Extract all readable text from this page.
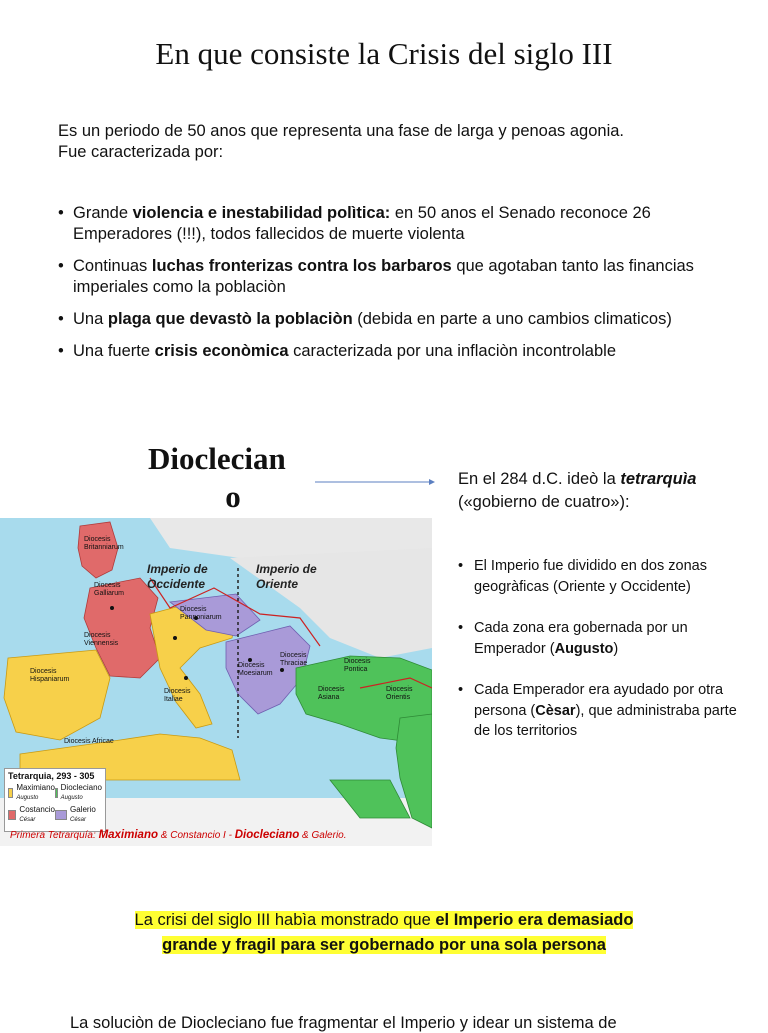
En que consiste la Crisis del siglo III
Es un periodo de 50 anos que representa una fase de larga y penoas agonia.
Fue caracterizada por:
• Grande violencia e inestabilidad polìtica: en 50 anos el Senado reconoce 26 Emperadores (!!!), todos fallecidos de muerte violenta
• Continuas luchas fronterizas contra los barbaros que agotaban tanto las financias imperiales como la poblaciòn
• Una plaga que devastò la poblaciòn (debida en parte a uno cambios climaticos)
• Una fuerte crisis econòmica caracterizada por una inflaciòn incontrolable
Dioclecian
o	En el 284 d.C. ideò la tetrarquìa
(«gobierno de cuatro»):
• El Imperio fue dividido en dos zonas geogràficas (Oriente y Occidente)
• Cada zona era gobernada por un Emperador (Augusto)
• Cada Emperador era ayudado por otra persona (Cèsar), que administraba parte de los territorios
Imperio de
Occidente
Imperio de
Oriente
Diocesis Britanniarum
Diocesis Galliarum
Diocesis Viennensis
Diocesis Hispaniarum
Diocesis Africae
Diocesis Pannoniarum
Diocesis Italiae
Diocesis Moesiarum
Diocesis Thraciae	Diocesis Pontica
Diocesis Asiana
Diocesis Orientis
Tetrarquia, 293 - 305
Maximiano
Augusto
Diocleciano
Augusto
Costancio
César
Galerio
César
Primera Tetrarquía: Maximiano & Constancio I - Diocleciano & Galerio.
La crisi del siglo III habìa monstrado que el Imperio era demasiado
grande y fragil para ser gobernado por una sola persona
La soluciòn de Diocleciano fue fragmentar el Imperio y idear un sistema de
